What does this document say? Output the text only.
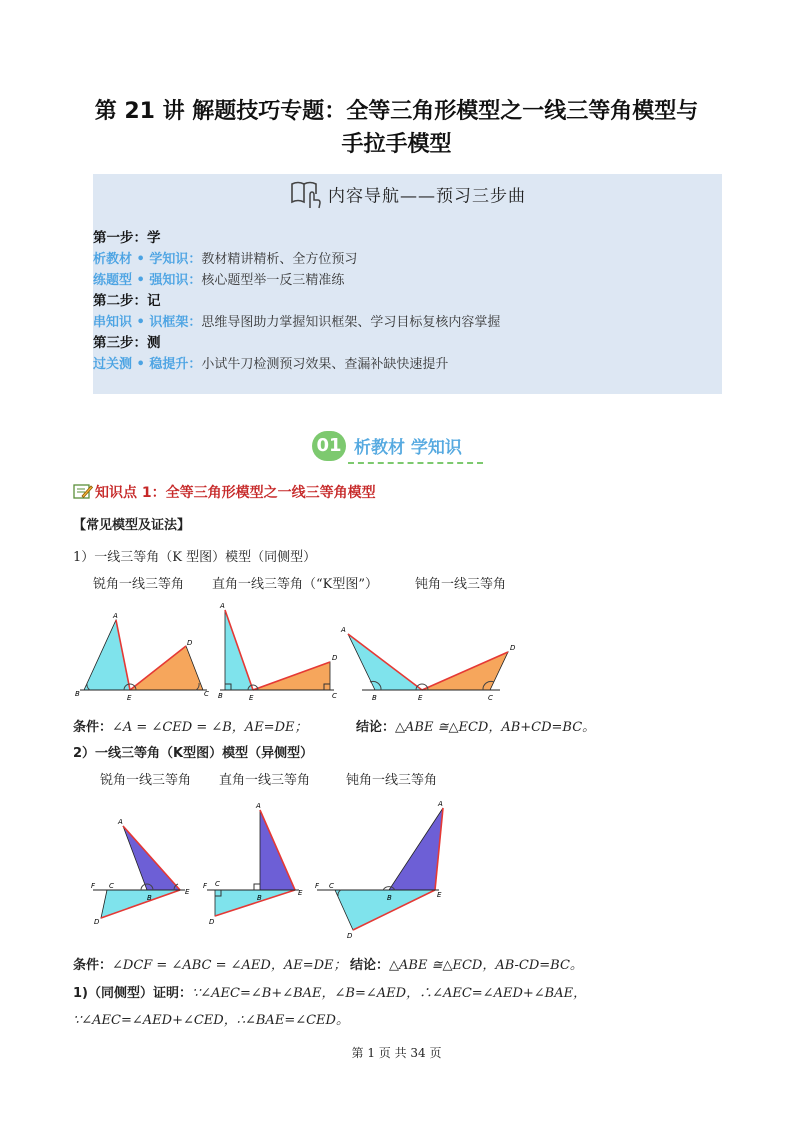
第 21 讲 解题技巧专题：全等三角形模型之一线三等角模型与
手拉手模型
内容导航——预习三步曲
第一步：学
析教材 • 学知识：教材精讲精析、全方位预习
练题型 • 强知识：核心题型举一反三精准练
第二步：记
串知识 • 识框架：思维导图助力掌握知识框架、学习目标复核内容掌握
第三步：测
过关测 • 稳提升：小试牛刀检测预习效果、查漏补缺快速提升
01 析教材 学知识
知识点 1：全等三角形模型之一线三等角模型
【常见模型及证法】
1）一线三等角（K 型图）模型（同侧型）
锐角一线三等角 直角一线三等角（“K型图”）	钝角一线三等角
A
B	E
D
C
A
B	E
D
C
A
B	E
D
C
条件：∠A = ∠CED = ∠B，AE=DE；	结论：△ABE ≅△ECD，AB+CD=BC。
2）一线三等角（K型图）模型（异侧型）
锐角一线三等角 直角一线三等角	钝角一线三等角
A
F C
B
E
D
A
F C
B
E
D
A
F C
B	E
D
条件：∠DCF = ∠ABC = ∠AED，AE=DE； 结论：△ABE ≅△ECD，AB-CD=BC。
1)（同侧型）证明：∵∠AEC=∠B+∠BAE，∠B=∠AED，∴∠AEC=∠AED+∠BAE，
∵∠AEC=∠AED+∠CED，∴∠BAE=∠CED。
第 1 页 共 34 页
